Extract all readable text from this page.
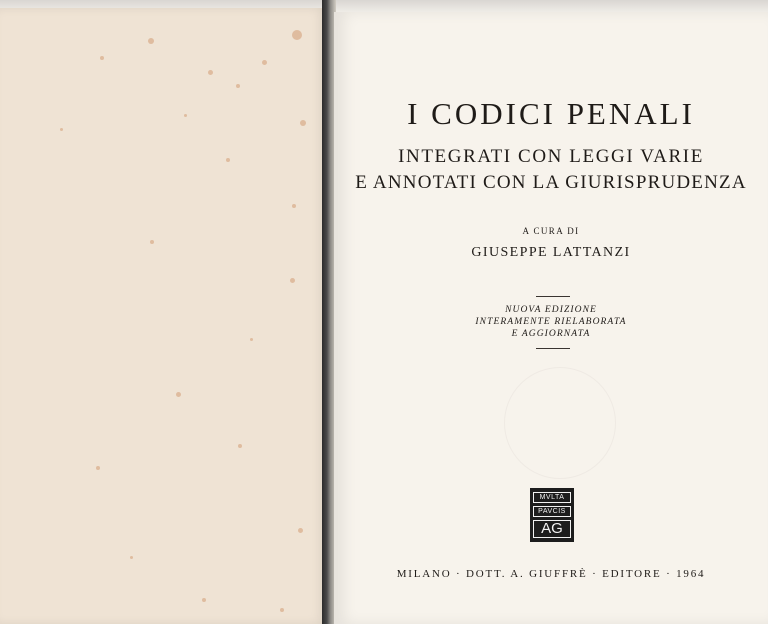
I CODICI PENALI
INTEGRATI CON LEGGI VARIE
E ANNOTATI CON LA GIURISPRUDENZA
A CURA DI
GIUSEPPE LATTANZI
NUOVA EDIZIONE
INTERAMENTE RIELABORATA
E AGGIORNATA
MVLTA
PAVCIS
AG
MILANO · DOTT. A. GIUFFRÈ · EDITORE · 1964
